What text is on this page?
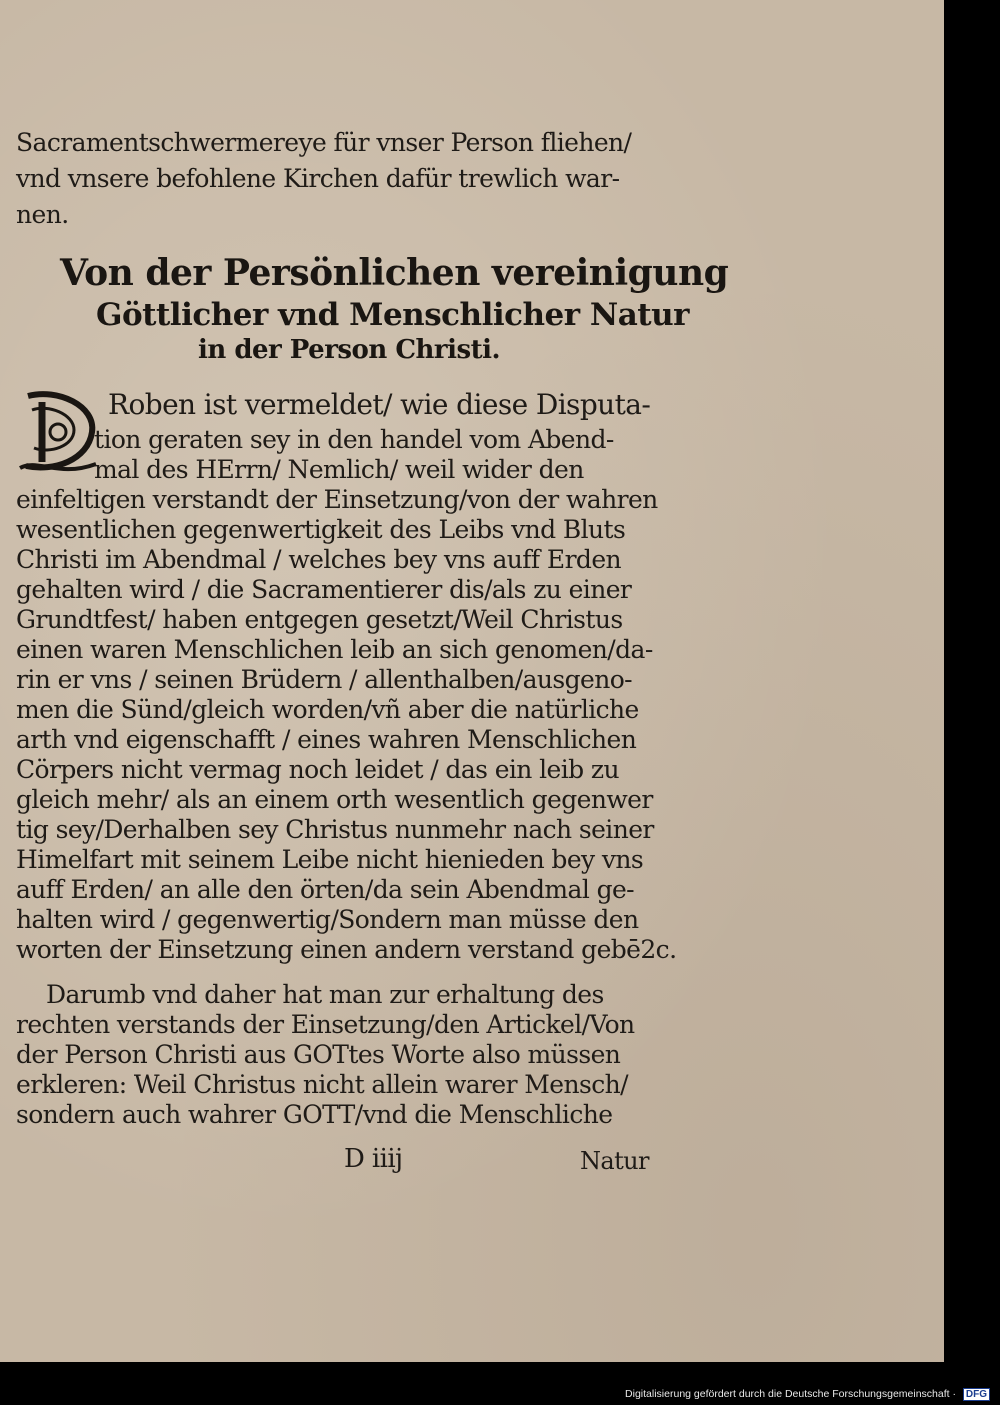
Sacramentschwermereye für vnser Person fliehen/
vnd vnsere befohlene Kirchen dafür trewlich war-
nen.
Von der Persönlichen vereinigung
Göttlicher vnd Menschlicher Natur
in der Person Christi.
Roben ist vermeldet/ wie diese Disputa-
tion geraten sey in den handel vom Abend-
mal des HErrn/ Nemlich/ weil wider den
einfeltigen verstandt der Einsetzung/von der wahren
wesentlichen gegenwertigkeit des Leibs vnd Bluts
Christi im Abendmal / welches bey vns auff Erden
gehalten wird / die Sacramentierer dis/als zu einer
Grundtfest/ haben entgegen gesetzt/Weil Christus
einen waren Menschlichen leib an sich genomen/da-
rin er vns / seinen Brüdern / allenthalben/ausgeno-
men die Sünd/gleich worden/vñ aber die natürliche
arth vnd eigenschafft / eines wahren Menschlichen
Cörpers nicht vermag noch leidet / das ein leib zu
gleich mehr/ als an einem orth wesentlich gegenwer
tig sey/Derhalben sey Christus nunmehr nach seiner
Himelfart mit seinem Leibe nicht hienieden bey vns
auff Erden/ an alle den örten/da sein Abendmal ge-
halten wird / gegenwertig/Sondern man müsse den
worten der Einsetzung einen andern verstand gebē2c.
Darumb vnd daher hat man zur erhaltung des
rechten verstands der Einsetzung/den Artickel/Von
der Person Christi aus GOTtes Worte also müssen
erkleren: Weil Christus nicht allein warer Mensch/
sondern auch wahrer GOTT/vnd die Menschliche
D iiij	Natur
Digitalisierung gefördert durch die Deutsche Forschungsgemeinschaft · DFG
